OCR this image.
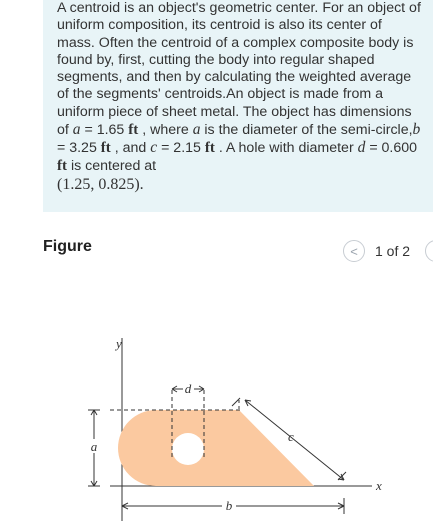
A centroid is an object's geometric center. For an object of uniform composition, its centroid is also its center of mass. Often the centroid of a complex composite body is found by, first, cutting the body into regular shaped segments, and then by calculating the weighted average of the segments' centroids.An object is made from a uniform piece of sheet metal. The object has dimensions of a = 1.65 ft , where a is the diameter of the semi-circle,b = 3.25 ft , and c = 2.15 ft . A hole with diameter d = 0.600 ft is centered at
(1.25, 0.825).

Figure	< 1 of 2
d
c
a
b
y
x
